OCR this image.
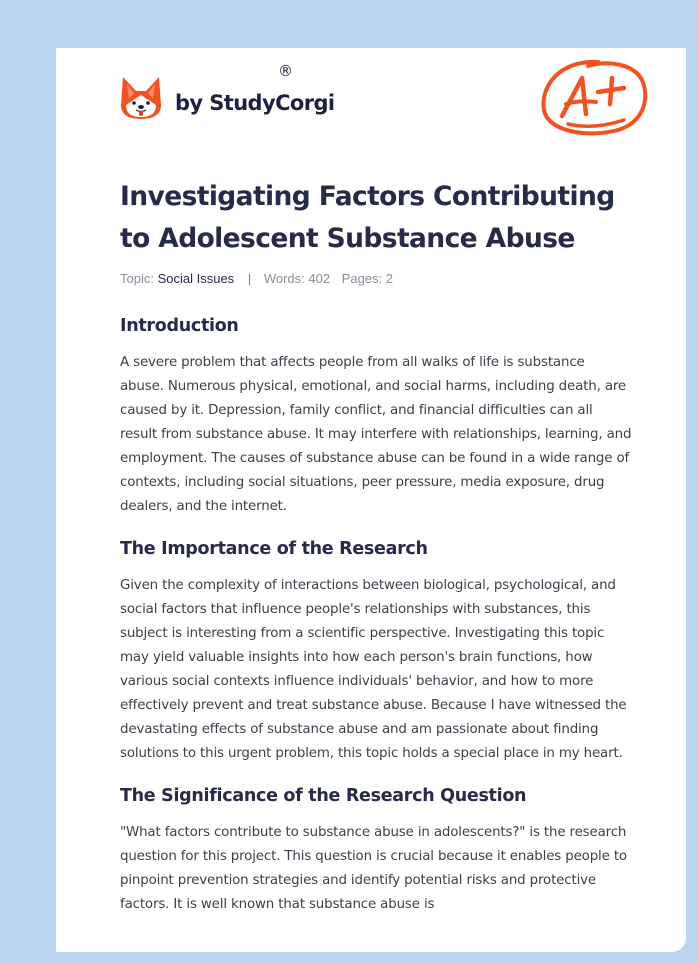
by StudyCorgi
®
Investigating Factors Contributing to Adolescent Substance Abuse
Topic: Social Issues | Words: 402 Pages: 2
Introduction

A severe problem that affects people from all walks of life is substance abuse. Numerous physical, emotional, and social harms, including death, are caused by it. Depression, family conflict, and financial difficulties can all result from substance abuse. It may interfere with relationships, learning, and employment. The causes of substance abuse can be found in a wide range of contexts, including social situations, peer pressure, media exposure, drug dealers, and the internet.

The Importance of the Research

Given the complexity of interactions between biological, psychological, and social factors that influence people's relationships with substances, this subject is interesting from a scientific perspective. Investigating this topic may yield valuable insights into how each person's brain functions, how various social contexts influence individuals' behavior, and how to more effectively prevent and treat substance abuse. Because I have witnessed the devastating effects of substance abuse and am passionate about finding solutions to this urgent problem, this topic holds a special place in my heart.

The Significance of the Research Question

"What factors contribute to substance abuse in adolescents?" is the research question for this project. This question is crucial because it enables people to pinpoint prevention strategies and identify potential risks and protective factors. It is well known that substance abuse is
